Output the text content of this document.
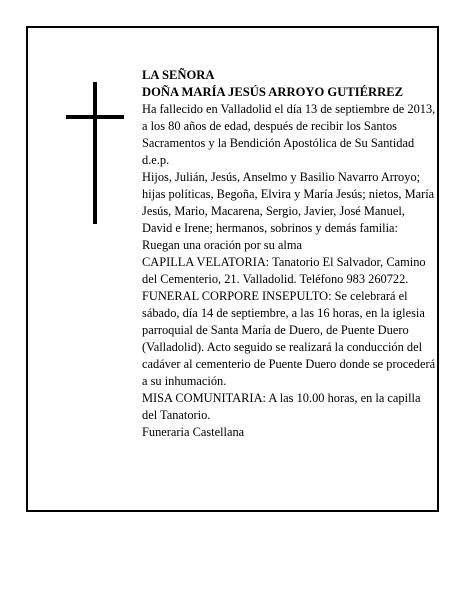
LA SEÑORA

DOÑA MARÍA JESÚS ARROYO GUTIÉRREZ

Ha fallecido en Valladolid el día 13 de septiembre de 2013, a los 80 años de edad, después de recibir los Santos Sacramentos y la Bendición Apostólica de Su Santidad

d.e.p.

Hijos, Julián, Jesús, Anselmo y Basilio Navarro Arroyo; hijas políticas, Begoña, Elvira y María Jesús; nietos, María Jesús, Mario, Macarena, Sergio, Javier, José Manuel, David e Irene; hermanos, sobrinos y demás familia:

Ruegan una oración por su alma

CAPILLA VELATORIA: Tanatorio El Salvador, Camino del Cementerio, 21. Valladolid. Teléfono 983 260722.

FUNERAL CORPORE INSEPULTO: Se celebrará el sábado, día 14 de septiembre, a las 16 horas, en la iglesia parroquial de Santa María de Duero, de Puente Duero (Valladolid). Acto seguido se realizará la conducción del cadáver al cementerio de Puente Duero donde se procederá a su inhumación.

MISA COMUNITARIA: A las 10.00 horas, en la capilla del Tanatorio.

Funeraria Castellana
